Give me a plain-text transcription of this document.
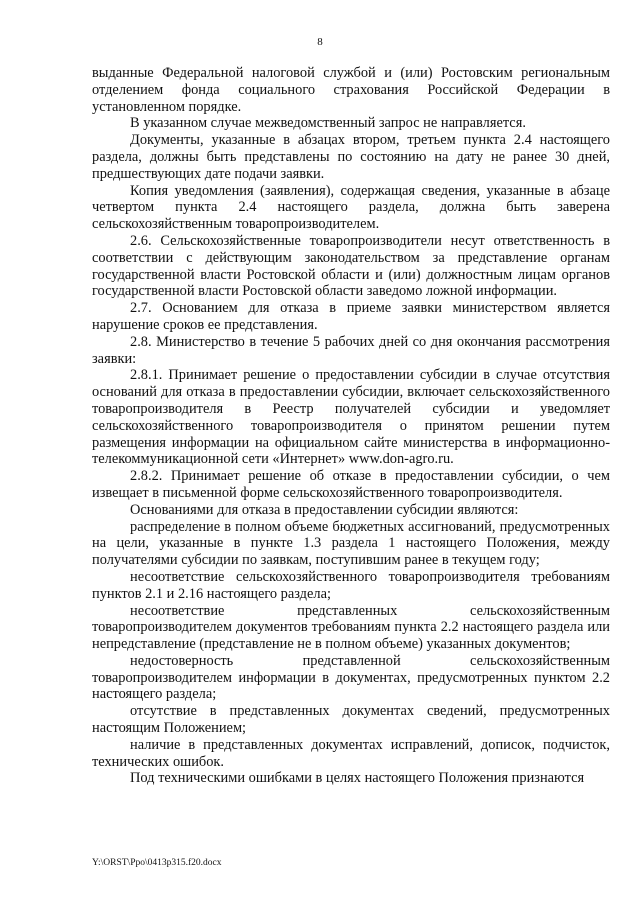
8

выданные Федеральной налоговой службой и (или) Ростовским региональным отделением фонда социального страхования Российской Федерации в установленном порядке.

В указанном случае межведомственный запрос не направляется.

Документы, указанные в абзацах втором, третьем пункта 2.4 настоящего раздела, должны быть представлены по состоянию на дату не ранее 30 дней, предшествующих дате подачи заявки.

Копия уведомления (заявления), содержащая сведения, указанные в абзаце четвертом пункта 2.4 настоящего раздела, должна быть заверена сельскохозяйственным товаропроизводителем.

2.6. Сельскохозяйственные товаропроизводители несут ответственность в соответствии с действующим законодательством за представление органам государственной власти Ростовской области и (или) должностным лицам органов государственной власти Ростовской области заведомо ложной информации.

2.7. Основанием для отказа в приеме заявки министерством является нарушение сроков ее представления.

2.8. Министерство в течение 5 рабочих дней со дня окончания рассмотрения заявки:

2.8.1. Принимает решение о предоставлении субсидии в случае отсутствия оснований для отказа в предоставлении субсидии, включает сельскохозяйственного товаропроизводителя в Реестр получателей субсидии и уведомляет сельскохозяйственного товаропроизводителя о принятом решении путем размещения информации на официальном сайте министерства в информационно-телекоммуникационной сети «Интернет» www.don-agro.ru.

2.8.2. Принимает решение об отказе в предоставлении субсидии, о чем извещает в письменной форме сельскохозяйственного товаропроизводителя.

Основаниями для отказа в предоставлении субсидии являются:

распределение в полном объеме бюджетных ассигнований, предусмотренных на цели, указанные в пункте 1.3 раздела 1 настоящего Положения, между получателями субсидии по заявкам, поступившим ранее в текущем году;

несоответствие сельскохозяйственного товаропроизводителя требованиям пунктов 2.1 и 2.16 настоящего раздела;

несоответствие представленных сельскохозяйственным товаропроизводителем документов требованиям пункта 2.2 настоящего раздела или непредставление (представление не в полном объеме) указанных документов;

недостоверность представленной сельскохозяйственным товаропроизводителем информации в документах, предусмотренных пунктом 2.2 настоящего раздела;

отсутствие в представленных документах сведений, предусмотренных настоящим Положением;

наличие в представленных документах исправлений, дописок, подчисток, технических ошибок.

Под техническими ошибками в целях настоящего Положения признаются

Y:\ORST\Ppo\0413p315.f20.docx
